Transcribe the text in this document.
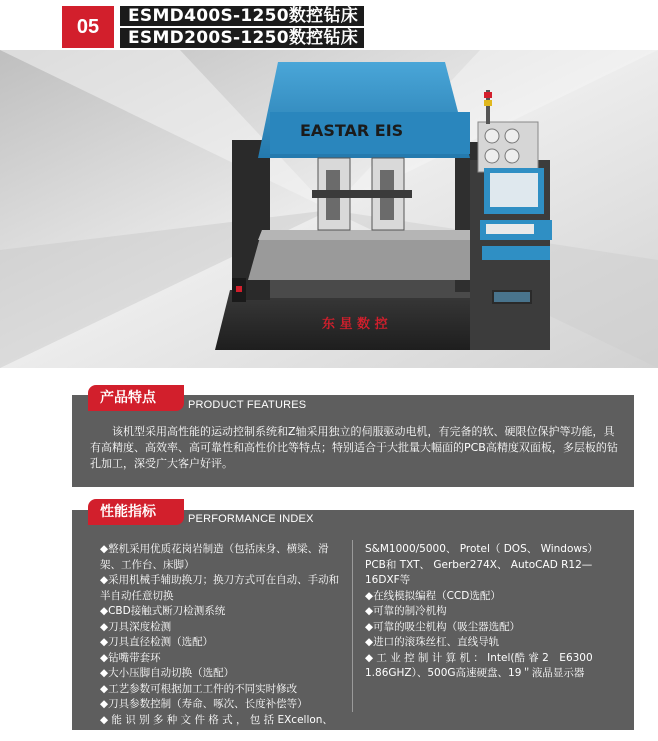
05	ESMD400S-1250数控钻床
ESMD200S-1250数控钻床
EASTAR EIS
东 星 数 控
产品特点	PRODUCT FEATURES

该机型采用高性能的运动控制系统和Z轴采用独立的伺服驱动电机，有完备的软、硬限位保护等功能，具有高精度、高效率、高可靠性和高性价比等特点；特别适合于大批量大幅面的PCB高精度双面板，多层板的钻孔加工，深受广大客户好评。

性能指标	PERFORMANCE INDEX

◆整机采用优质花岗岩制造（包括床身、横梁、滑架、工作台、床脚）

◆采用机械手辅助换刀；换刀方式可在自动、手动和半自动任意切换

◆CBD接触式断刀检测系统

◆刀具深度检测

◆刀具直径检测（选配）

◆钻嘴带套环

◆大小压脚自动切换（选配）

◆工艺参数可根据加工工件的不同实时修改

◆刀具参数控制（寿命、啄次、长度补偿等）

◆ 能 识 别 多 种 文 件 格 式 ， 包 括 EXcellon、

S&M1000/5000、 Protel（ DOS、 Windows） PCB和 TXT、 Gerber274X、 AutoCAD R12—16DXF等

◆在线模拟编程（CCD选配）

◆可靠的制冷机构

◆可靠的吸尘机构（吸尘器选配）

◆进口的滚珠丝杠、直线导轨

◆ 工 业 控 制 计 算 机 ： Intel(酷 睿 2　E6300 1.86GHZ）、500G高速硬盘、19＂液晶显示器
